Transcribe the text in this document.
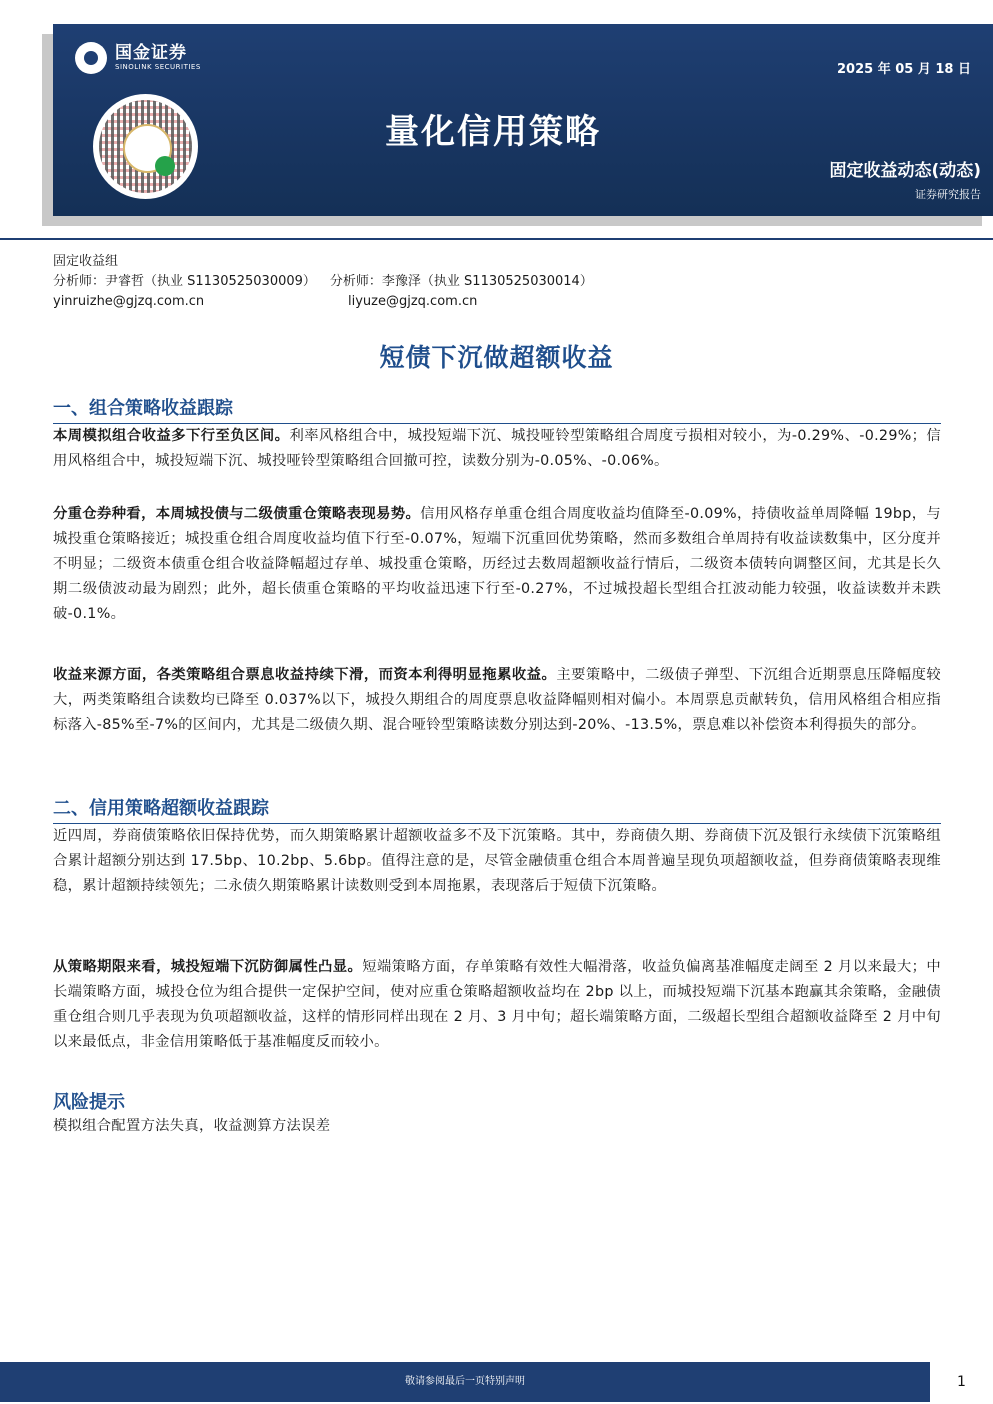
国金证券
SINOLINK SECURITIES	2025 年 05 月 18 日
量化信用策略
固定收益动态(动态)
证券研究报告
固定收益组
分析师：尹睿哲（执业 S1130525030009） 分析师：李豫泽（执业 S1130525030014）
yinruizhe@gjzq.com.cn	liyuze@gjzq.com.cn
短债下沉做超额收益
一、组合策略收益跟踪
本周模拟组合收益多下行至负区间。利率风格组合中，城投短端下沉、城投哑铃型策略组合周度亏损相对较小，为-0.29%、-0.29%；信用风格组合中，城投短端下沉、城投哑铃型策略组合回撤可控，读数分别为-0.05%、-0.06%。
分重仓券种看，本周城投债与二级债重仓策略表现易势。信用风格存单重仓组合周度收益均值降至-0.09%，持债收益单周降幅 19bp，与城投重仓策略接近；城投重仓组合周度收益均值下行至-0.07%，短端下沉重回优势策略，然而多数组合单周持有收益读数集中，区分度并不明显；二级资本债重仓组合收益降幅超过存单、城投重仓策略，历经过去数周超额收益行情后，二级资本债转向调整区间，尤其是长久期二级债波动最为剧烈；此外，超长债重仓策略的平均收益迅速下行至-0.27%，不过城投超长型组合扛波动能力较强，收益读数并未跌破-0.1%。
收益来源方面，各类策略组合票息收益持续下滑，而资本利得明显拖累收益。主要策略中，二级债子弹型、下沉组合近期票息压降幅度较大，两类策略组合读数均已降至 0.037%以下，城投久期组合的周度票息收益降幅则相对偏小。本周票息贡献转负，信用风格组合相应指标落入-85%至-7%的区间内，尤其是二级债久期、混合哑铃型策略读数分别达到-20%、-13.5%，票息难以补偿资本利得损失的部分。
二、信用策略超额收益跟踪
近四周，券商债策略依旧保持优势，而久期策略累计超额收益多不及下沉策略。其中，券商债久期、券商债下沉及银行永续债下沉策略组合累计超额分别达到 17.5bp、10.2bp、5.6bp。值得注意的是，尽管金融债重仓组合本周普遍呈现负项超额收益，但券商债策略表现维稳，累计超额持续领先；二永债久期策略累计读数则受到本周拖累，表现落后于短债下沉策略。
从策略期限来看，城投短端下沉防御属性凸显。短端策略方面，存单策略有效性大幅滑落，收益负偏离基准幅度走阔至 2 月以来最大；中长端策略方面，城投仓位为组合提供一定保护空间，使对应重仓策略超额收益均在 2bp 以上，而城投短端下沉基本跑赢其余策略，金融债重仓组合则几乎表现为负项超额收益，这样的情形同样出现在 2 月、3 月中旬；超长端策略方面，二级超长型组合超额收益降至 2 月中旬以来最低点，非金信用策略低于基准幅度反而较小。
风险提示
模拟组合配置方法失真，收益测算方法误差
敬请参阅最后一页特别声明	1
